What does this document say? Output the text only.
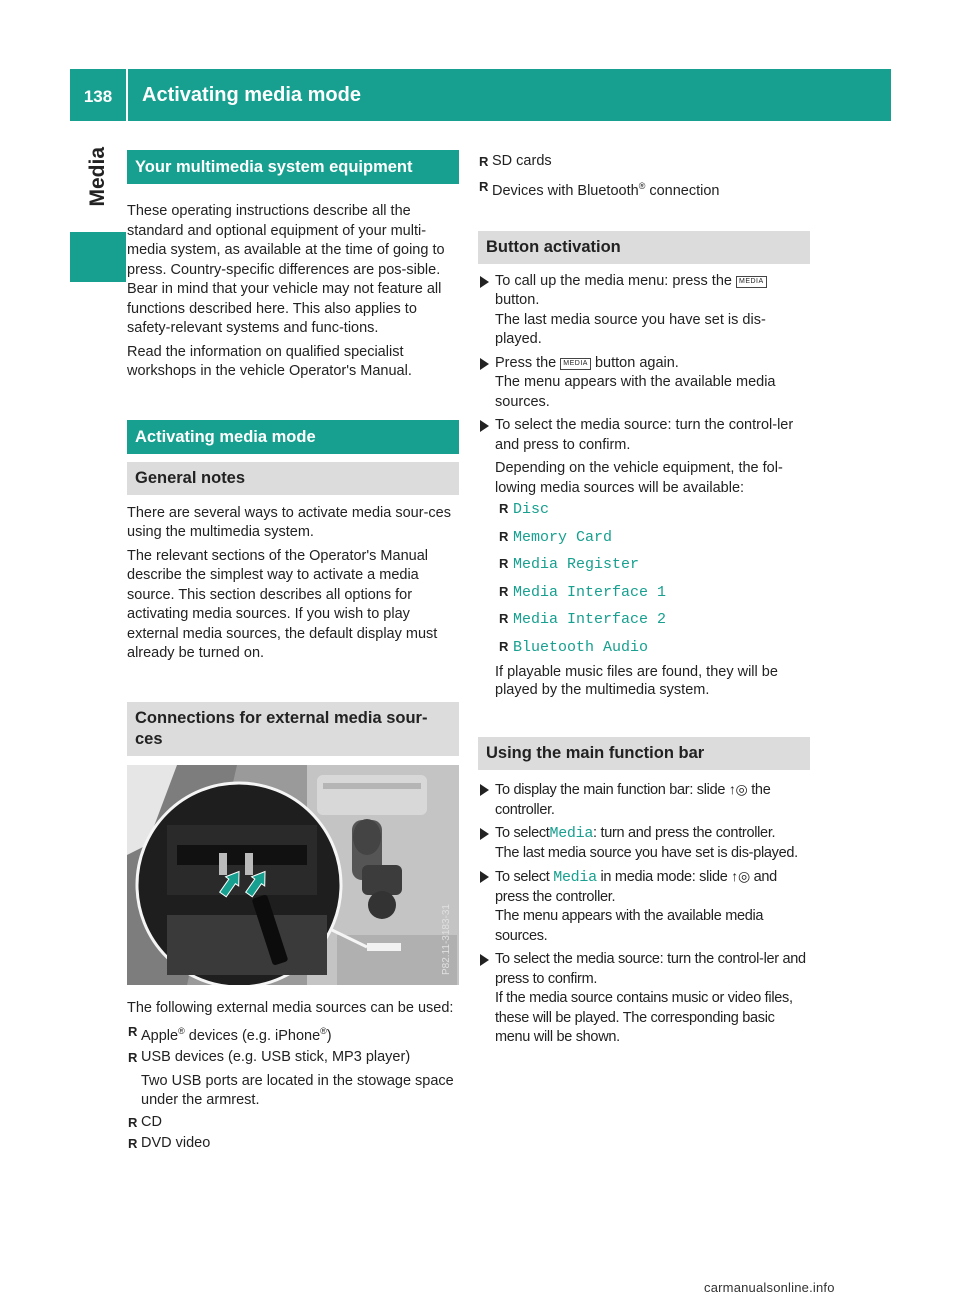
138	Activating media mode
Media	Your multimedia system equipment

These operating instructions describe all the standard and optional equipment of your multi-media system, as available at the time of going to press. Country-specific differences are pos-sible. Bear in mind that your vehicle may not feature all functions described here. This also applies to safety-relevant systems and func-tions.

Read the information on qualified specialist workshops in the vehicle Operator's Manual.

Activating media mode
General notes

There are several ways to activate media sour-ces using the multimedia system.

The relevant sections of the Operator's Manual describe the simplest way to activate a media source. This section describes all options for activating media sources. If you wish to play external media sources, the default display must already be turned on.

Connections for external media sour-ces
P82.11-3183-31

The following external media sources can be used:

R Apple® devices (e.g. iPhone®)
R USB devices (e.g. USB stick, MP3 player)
Two USB ports are located in the stowage space under the armrest.
R CD
R DVD video
R SD cards
R Devices with Bluetooth® connection
Button activation
To call up the media menu: press the MEDIA
button.
The last media source you have set is dis-played.
Press the MEDIA button again.
The menu appears with the available media sources.
To select the media source: turn the control-ler and press to confirm.
Depending on the vehicle equipment, the fol-lowing media sources will be available:
R Disc
R Memory Card
R Media Register
R Media Interface 1
R Media Interface 2
R Bluetooth Audio
If playable music files are found, they will be played by the multimedia system.
Using the main function bar
To display the main function bar: slide ↑◎ the controller.
To selectMedia: turn and press the controller.
The last media source you have set is dis-played.
To select Media in media mode: slide ↑◎ and press the controller.
The menu appears with the available media sources.
To select the media source: turn the control-ler and press to confirm.
If the media source contains music or video files, these will be played. The corresponding basic menu will be shown.
carmanualsonline.info
